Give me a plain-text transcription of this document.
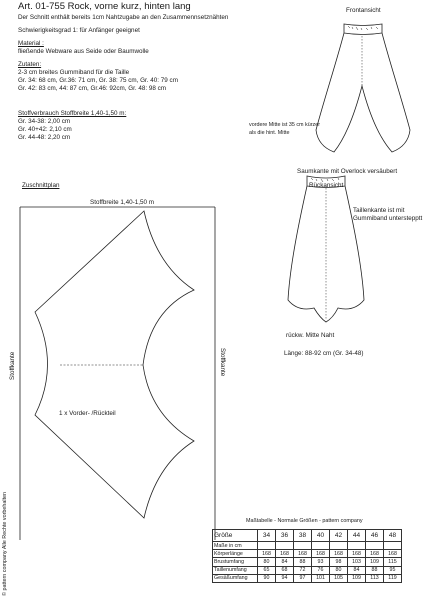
Art. 01-755 Rock, vorne kurz, hinten lang
Der Schnitt enthält bereits 1cm Nahtzugabe an den Zusammennsetznähten
Schwierigkeitsgrad 1: für Anfänger geeignet
Material :
fließende Webware aus Seide oder Baumwolle
Zutaten:
2-3 cm breites Gummiband für die Taille
Gr. 34: 68 cm, Gr.36: 71 cm, Gr. 38: 75 cm, Gr. 40: 79 cm
Gr. 42: 83 cm, 44: 87 cm, Gr.46: 92cm, Gr. 48: 98 cm
Stoffverbrauch Stoffbreite 1,40-1,50 m:
Gr. 34-38: 2,00 cm
Gr. 40+42: 2,10 cm
Gr. 44-48: 2,20 cm
Frontansicht
vordere Mitte ist 35 cm kürzer
als die hint. Mitte
Saumkante mit Overlock versäubert
Rückansicht
Taillenkante ist mit
Gummiband unterstepptt
rückw. Mitte Naht
Länge: 88-92 cm (Gr. 34-48)
Zuschnittplan
Stoffbreite 1,40-1,50 m
Stoffkante	Stoffkante
1 x Vorder- /Rückteil
© pattern company Alle Rechte vorbehalten	Maßtabelle - Normale Größen - pattern company
Größe	34	36	38	40	42	44	46	48
Maße in cm								
Körperlänge	168	168	168	168	168	168	168	168
Brustumfang	80	84	88	93	98	103	109	115
Taillenumfang	65	68	72	76	80	84	88	95
Gesäßumfang	90	94	97	101	105	109	113	119
